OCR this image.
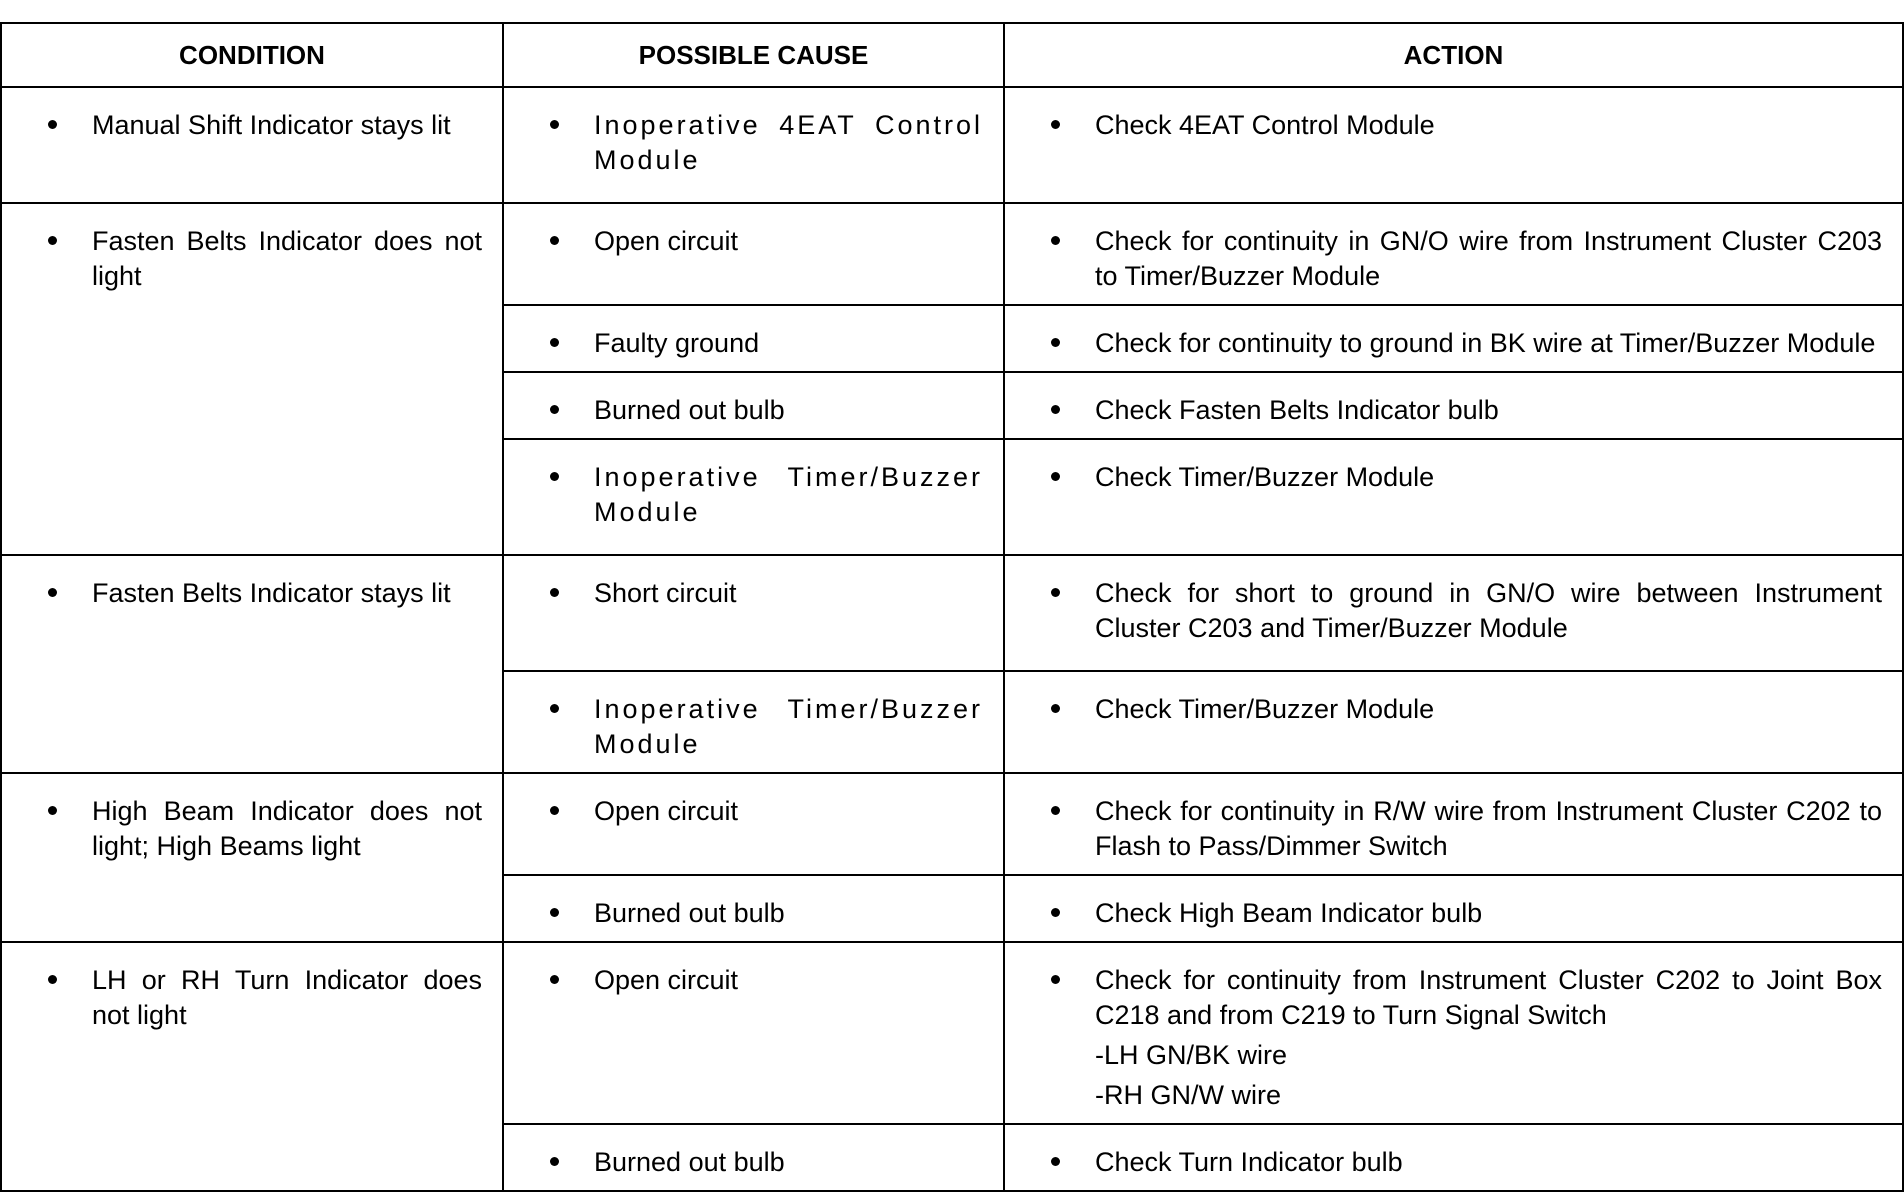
CONDITION	POSSIBLE CAUSE	ACTION

Manual Shift Indicator stays lit	Inoperative 4EAT Control Module	Check 4EAT Control Module

Fasten Belts Indicator does not light	Open circuit	Check for continuity in GN/O wire from Instrument Cluster C203 to Timer/Buzzer Module

	Faulty ground	Check for continuity to ground in BK wire at Timer/Buzzer Module

	Burned out bulb	Check Fasten Belts Indicator bulb

	Inoperative Timer/Buzzer Module	Check Timer/Buzzer Module

Fasten Belts Indicator stays lit	Short circuit	Check for short to ground in GN/O wire between Instrument Cluster C203 and Timer/Buzzer Module

	Inoperative Timer/Buzzer Module	Check Timer/Buzzer Module

High Beam Indicator does not light; High Beams light	Open circuit	Check for continuity in R/W wire from Instrument Cluster C202 to Flash to Pass/Dimmer Switch

	Burned out bulb	Check High Beam Indicator bulb

LH or RH Turn Indicator does not light	Open circuit	Check for continuity from Instrument Cluster C202 to Joint Box C218 and from C219 to Turn Signal Switch
-LH GN/BK wire
-RH GN/W wire

	Burned out bulb	Check Turn Indicator bulb
